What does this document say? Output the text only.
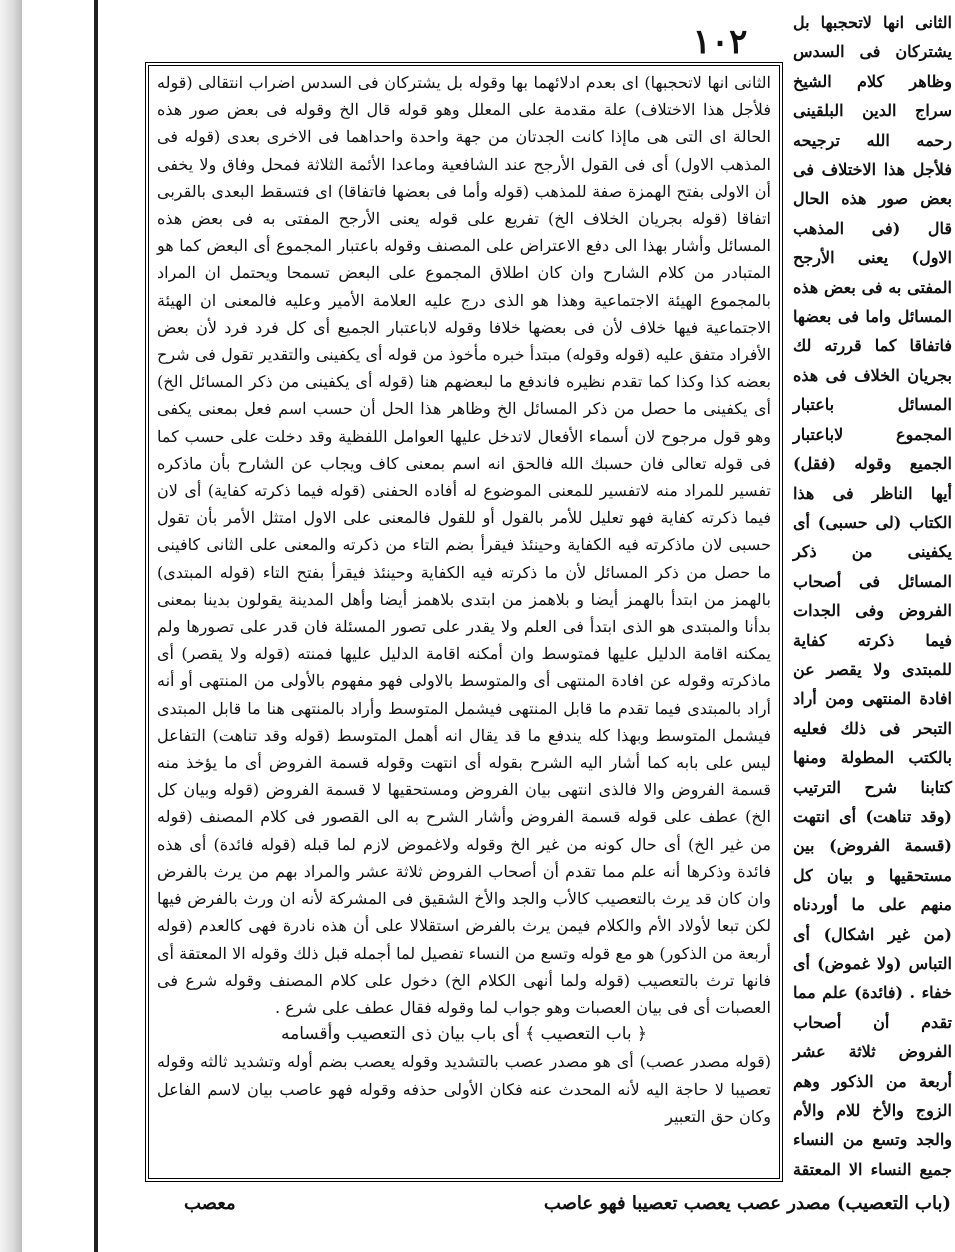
١٠٢	الثانى انها لاتحجبها بل يشتركان فى السدس وظاهر كلام الشيخ سراج الدين البلقينى رحمه الله ترجيحه فلأجل هذا الاختلاف فى بعض صور هذه الحال قال (فى المذهب الاول) يعنى الأرجح المفتى به فى بعض هذه المسائل واما فى بعضها فاتفاقا كما قررته لك بجريان الخلاف فى هذه المسائل باعتبار المجموع لاباعتبار الجميع وقوله (فقل) أيها الناظر فى هذا الكتاب (لى حسبى) أى يكفينى من ذكر المسائل فى أصحاب الفروض وفى الجدات فيما ذكرته كفاية للمبتدى ولا يقصر عن افادة المنتهى ومن أراد التبحر فى ذلك فعليه بالكتب المطولة ومنها كتابنا شرح الترتيب (وقد تناهت) أى انتهت (قسمة الفروض) بين مستحقيها و بيان كل منهم على ما أوردناه (من غير اشكال) أى التباس (ولا غموض) أى خفاء . (فائدة) علم مما تقدم أن أصحاب الفروض ثلاثة عشر أربعة من الذكور وهم الزوج والأخ للام والأم والجد وتسع من النساء جميع النساء الا المعتقة

الثانى انها لاتحجبها) اى بعدم ادلائهما بها وقوله بل يشتركان فى السدس اضراب انتقالى (قوله فلأجل هذا الاختلاف) علة مقدمة على المعلل وهو قوله قال الخ وقوله فى بعض صور هذه الحالة اى التى هى ماإذا كانت الجدتان من جهة واحدة واحداهما فى الاخرى بعدى (قوله فى المذهب الاول) أى فى القول الأرجح عند الشافعية وماعدا الأئمة الثلاثة فمحل وفاق ولا يخفى أن الاولى بفتح الهمزة صفة للمذهب (قوله وأما فى بعضها فاتفاقا) اى فتسقط البعدى بالقربى اتفاقا (قوله بجريان الخلاف الخ) تفريع على قوله يعنى الأرجح المفتى به فى بعض هذه المسائل وأشار بهذا الى دفع الاعتراض على المصنف وقوله باعتبار المجموع أى البعض كما هو المتبادر من كلام الشارح وان كان اطلاق المجموع على البعض تسمحا ويحتمل ان المراد بالمجموع الهيئة الاجتماعية وهذا هو الذى درج عليه العلامة الأمير وعليه فالمعنى ان الهيئة الاجتماعية فيها خلاف لأن فى بعضها خلافا وقوله لاباعتبار الجميع أى كل فرد فرد لأن بعض الأفراد متفق عليه (قوله وقوله) مبتدأ خبره مأخوذ من قوله أى يكفينى والتقدير تقول فى شرح بعضه كذا وكذا كما تقدم نظيره فاندفع ما لبعضهم هنا (قوله أى يكفينى من ذكر المسائل الخ) أى يكفينى ما حصل من ذكر المسائل الخ وظاهر هذا الحل أن حسب اسم فعل بمعنى يكفى وهو قول مرجوح لان أسماء الأفعال لاتدخل عليها العوامل اللفظية وقد دخلت على حسب كما فى قوله تعالى فان حسبك الله فالحق انه اسم بمعنى كاف ويجاب عن الشارح بأن ماذكره تفسير للمراد منه لاتفسير للمعنى الموضوع له أفاده الحفنى (قوله فيما ذكرته كفاية) أى لان فيما ذكرته كفاية فهو تعليل للأمر بالقول أو للقول فالمعنى على الاول امتثل الأمر بأن تقول حسبى لان ماذكرته فيه الكفاية وحينئذ فيقرأ بضم التاء من ذكرته والمعنى على الثانى كافينى ما حصل من ذكر المسائل لأن ما ذكرته فيه الكفاية وحينئذ فيقرأ بفتح التاء (قوله المبتدى) بالهمز من ابتدأ بالهمز أيضا و بلاهمز من ابتدى بلاهمز أيضا وأهل المدينة يقولون بدينا بمعنى بدأنا والمبتدى هو الذى ابتدأ فى العلم ولا يقدر على تصور المسئلة فان قدر على تصورها ولم يمكنه اقامة الدليل عليها فمتوسط وان أمكنه اقامة الدليل عليها فمنته (قوله ولا يقصر) أى ماذكرته وقوله عن افادة المنتهى أى والمتوسط بالاولى فهو مفهوم بالأولى من المنتهى أو أنه أراد بالمبتدى فيما تقدم ما قابل المنتهى فيشمل المتوسط وأراد بالمنتهى هنا ما قابل المبتدى فيشمل المتوسط وبهذا كله يندفع ما قد يقال انه أهمل المتوسط (قوله وقد تناهت) التفاعل ليس على بابه كما أشار اليه الشرح بقوله أى انتهت وقوله قسمة الفروض أى ما يؤخذ منه قسمة الفروض والا فالذى انتهى بيان الفروض ومستحقيها لا قسمة الفروض (قوله وبيان كل الخ) عطف على قوله قسمة الفروض وأشار الشرح به الى القصور فى كلام المصنف (قوله من غير الخ) أى حال كونه من غير الخ وقوله ولاغموض لازم لما قبله (قوله فائدة) أى هذه فائدة وذكرها أنه علم مما تقدم أن أصحاب الفروض ثلاثة عشر والمراد بهم من يرث بالفرض وان كان قد يرث بالتعصيب كالأب والجد والأخ الشقيق فى المشركة لأنه ان ورث بالفرض فيها لكن تبعا لأولاد الأم والكلام فيمن يرث بالفرض استقلالا على أن هذه نادرة فهى كالعدم (قوله أربعة من الذكور) هو مع قوله وتسع من النساء تفصيل لما أجمله قبل ذلك وقوله الا المعتقة أى فانها ترث بالتعصيب (قوله ولما أنهى الكلام الخ) دخول على كلام المصنف وقوله شرع فى العصبات أى فى بيان العصبات وهو جواب لما وقوله فقال عطف على شرع .

﴿ باب التعصيب ﴾ أى باب بيان ذى التعصيب وأقسامه

(قوله مصدر عصب) أى هو مصدر عصب بالتشديد وقوله يعصب بضم أوله وتشديد ثالثه وقوله تعصيبا لا حاجة اليه لأنه المحدث عنه فكان الأولى حذفه وقوله فهو عاصب بيان لاسم الفاعل وكان حق التعبير

(باب التعصيب) مصدر عصب يعصب تعصيبا فهو عاصب
معصب
